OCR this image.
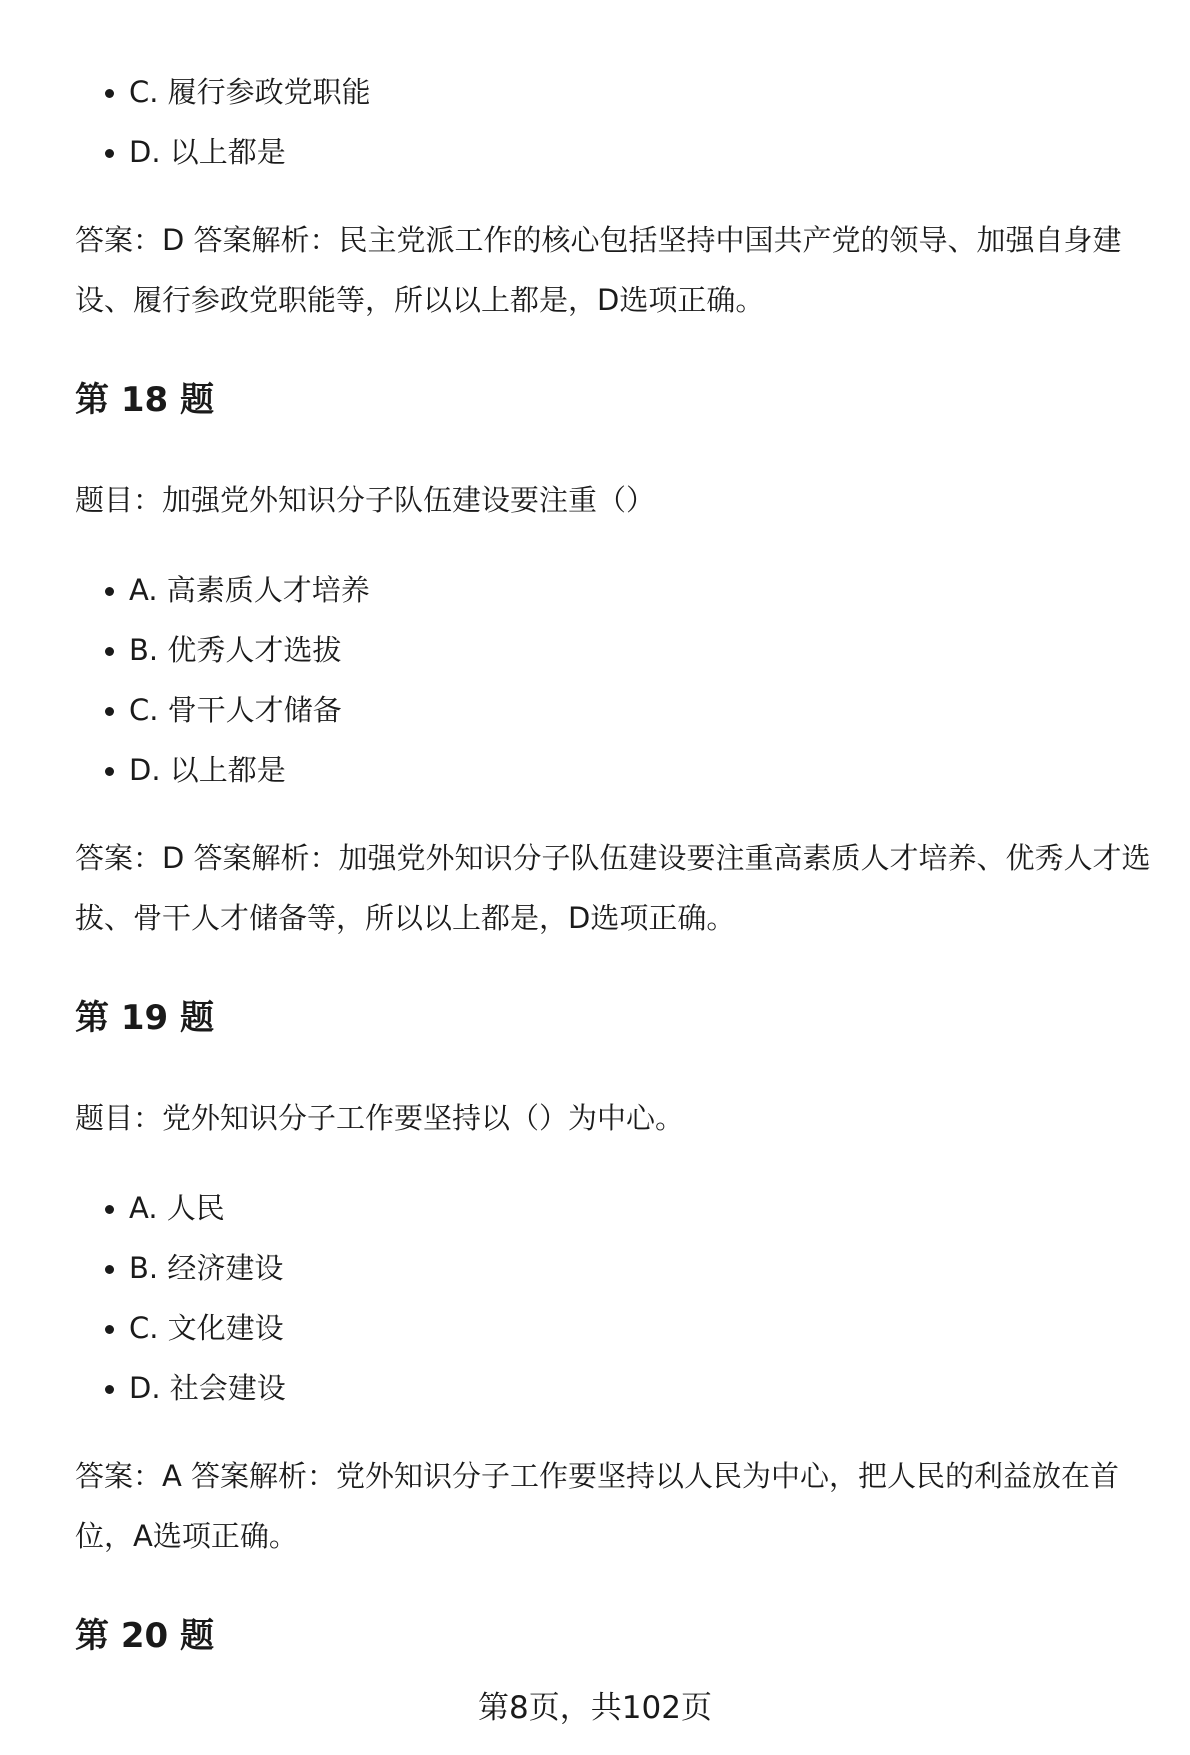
C. 履行参政党职能
D. 以上都是

答案：D 答案解析：民主党派工作的核心包括坚持中国共产党的领导、加强自身建设、履行参政党职能等，所以以上都是，D选项正确。

第 18 题

题目：加强党外知识分子队伍建设要注重（）

A. 高素质人才培养
B. 优秀人才选拔
C. 骨干人才储备
D. 以上都是

答案：D 答案解析：加强党外知识分子队伍建设要注重高素质人才培养、优秀人才选拔、骨干人才储备等，所以以上都是，D选项正确。

第 19 题

题目：党外知识分子工作要坚持以（）为中心。

A. 人民
B. 经济建设
C. 文化建设
D. 社会建设

答案：A 答案解析：党外知识分子工作要坚持以人民为中心，把人民的利益放在首位，A选项正确。

第 20 题
第8页，共102页
